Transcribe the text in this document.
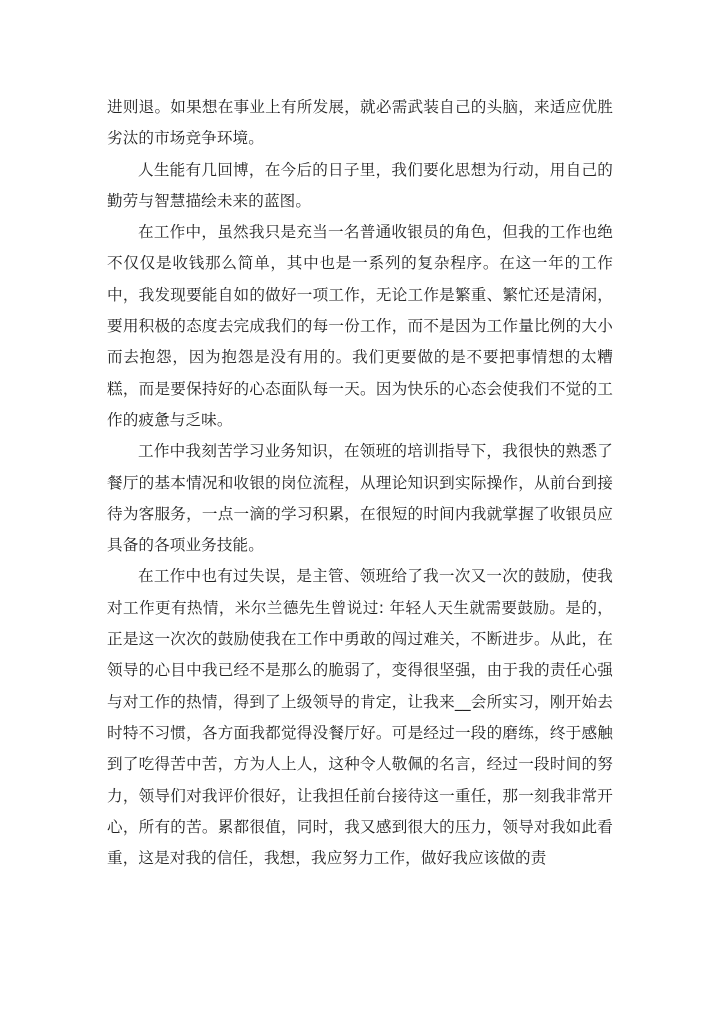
进则退。如果想在事业上有所发展，就必需武装自己的头脑，来适应优胜劣汰的市场竞争环境。

人生能有几回博，在今后的日子里，我们要化思想为行动，用自己的勤劳与智慧描绘未来的蓝图。

在工作中，虽然我只是充当一名普通收银员的角色，但我的工作也绝不仅仅是收钱那么简单，其中也是一系列的复杂程序。在这一年的工作中，我发现要能自如的做好一项工作，无论工作是繁重、繁忙还是清闲，要用积极的态度去完成我们的每一份工作，而不是因为工作量比例的大小而去抱怨，因为抱怨是没有用的。我们更要做的是不要把事情想的太糟糕，而是要保持好的心态面队每一天。因为快乐的心态会使我们不觉的工作的疲惫与乏味。

工作中我刻苦学习业务知识，在领班的培训指导下，我很快的熟悉了餐厅的基本情况和收银的岗位流程，从理论知识到实际操作，从前台到接待为客服务，一点一滴的学习积累，在很短的时间内我就掌握了收银员应具备的各项业务技能。

在工作中也有过失误，是主管、领班给了我一次又一次的鼓励，使我对工作更有热情，米尔兰德先生曾说过: 年轻人天生就需要鼓励。是的，正是这一次次的鼓励使我在工作中勇敢的闯过难关，不断进步。从此，在领导的心目中我已经不是那么的脆弱了，变得很坚强，由于我的责任心强与对工作的热情，得到了上级领导的肯定，让我来__会所实习，刚开始去时特不习惯，各方面我都觉得没餐厅好。可是经过一段的磨练，终于感触到了吃得苦中苦，方为人上人，这种令人敬佩的名言，经过一段时间的努力，领导们对我评价很好，让我担任前台接待这一重任，那一刻我非常开心，所有的苦。累都很值，同时，我又感到很大的压力，领导对我如此看重，这是对我的信任，我想，我应努力工作，做好我应该做的责
